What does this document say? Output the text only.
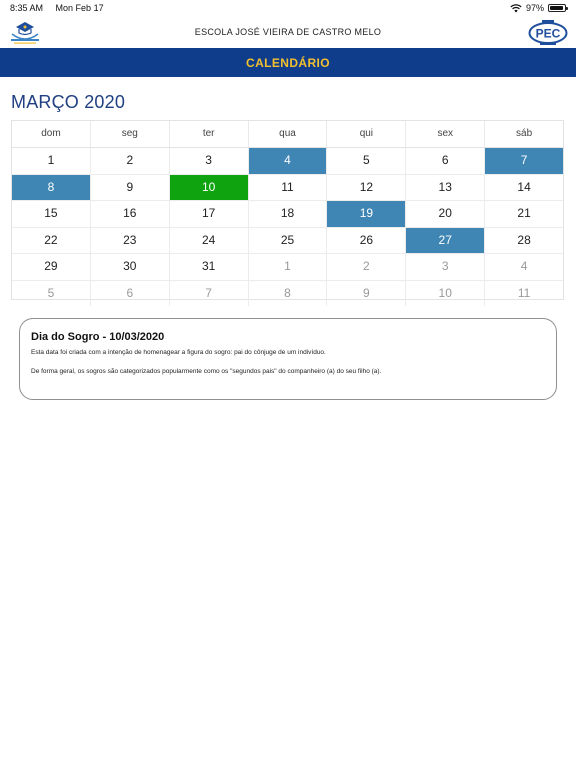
8:35 AM Mon Feb 17	97%
ESCOLA JOSÉ VIEIRA DE CASTRO MELO	PEC
CALENDÁRIO
MARÇO 2020
dom	seg	ter	qua	qui	sex	sáb
1	2	3	4	5	6	7
8	9	10	11	12	13	14
15	16	17	18	19	20	21
22	23	24	25	26	27	28
29	30	31	1	2	3	4
5	6	7	8	9	10	11
Dia do Sogro - 10/03/2020

Esta data foi criada com a intenção de homenagear a figura do sogro: pai do cônjuge de um indivíduo.

De forma geral, os sogros são categorizados popularmente como os "segundos pais" do companheiro (a) do seu filho (a).
